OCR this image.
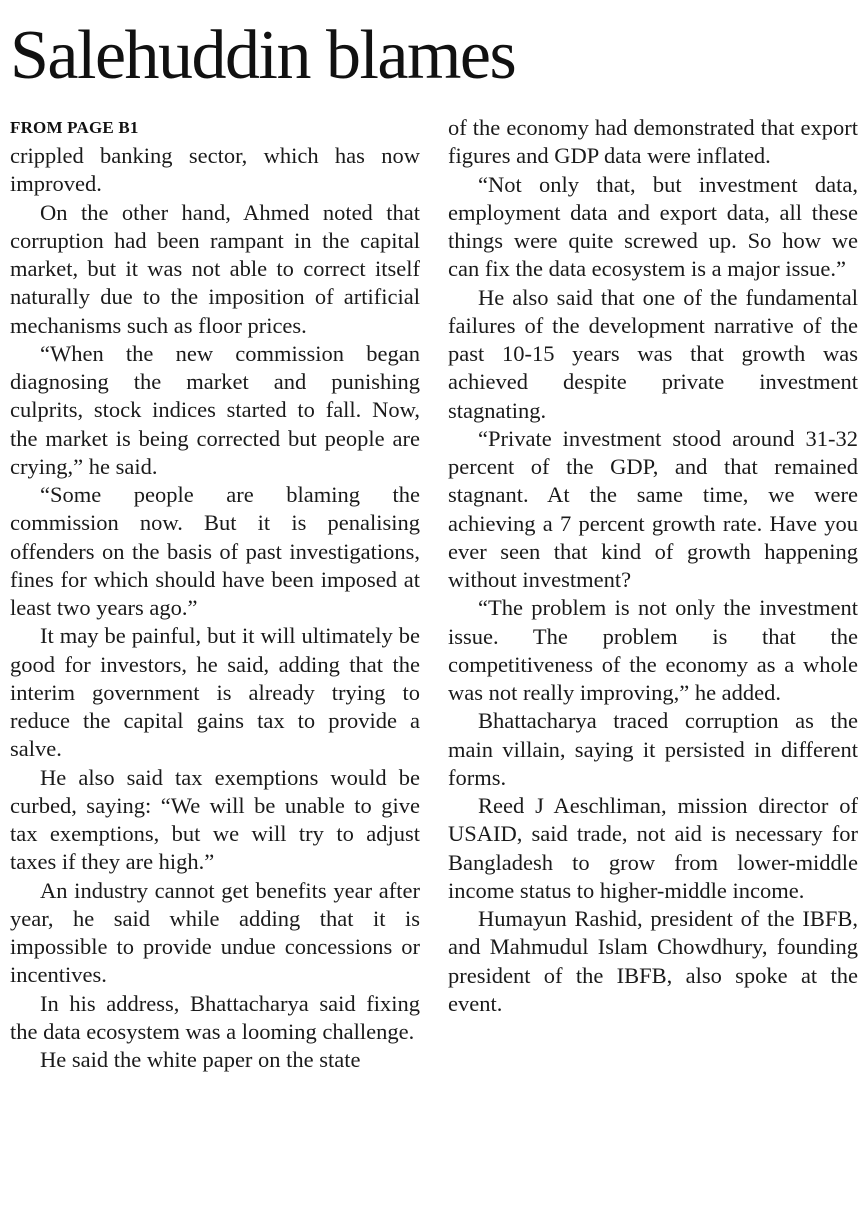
Salehuddin blames
FROM PAGE B1

crippled banking sector, which has now improved.

On the other hand, Ahmed noted that corruption had been rampant in the capital market, but it was not able to correct itself naturally due to the imposition of artificial mechanisms such as floor prices.

“When the new commission began diagnosing the market and punishing culprits, stock indices started to fall. Now, the market is being corrected but people are crying,” he said.

“Some people are blaming the commission now. But it is penalising offenders on the basis of past investigations, fines for which should have been imposed at least two years ago.”

It may be painful, but it will ultimately be good for investors, he said, adding that the interim government is already trying to reduce the capital gains tax to provide a salve.

He also said tax exemptions would be curbed, saying: “We will be unable to give tax exemptions, but we will try to adjust taxes if they are high.”

An industry cannot get benefits year after year, he said while adding that it is impossible to provide undue concessions or incentives.

In his address, Bhattacharya said fixing the data ecosystem was a looming challenge.

He said the white paper on the state

of the economy had demonstrated that export figures and GDP data were inflated.

“Not only that, but investment data, employment data and export data, all these things were quite screwed up. So how we can fix the data ecosystem is a major issue.”

He also said that one of the fundamental failures of the development narrative of the past 10-15 years was that growth was achieved despite private investment stagnating.

“Private investment stood around 31-32 percent of the GDP, and that remained stagnant. At the same time, we were achieving a 7 percent growth rate. Have you ever seen that kind of growth happening without investment?

“The problem is not only the investment issue. The problem is that the competitiveness of the economy as a whole was not really improving,” he added.

Bhattacharya traced corruption as the main villain, saying it persisted in different forms.

Reed J Aeschliman, mission director of USAID, said trade, not aid is necessary for Bangladesh to grow from lower-middle income status to higher-middle income.

Humayun Rashid, president of the IBFB, and Mahmudul Islam Chowdhury, founding president of the IBFB, also spoke at the event.
